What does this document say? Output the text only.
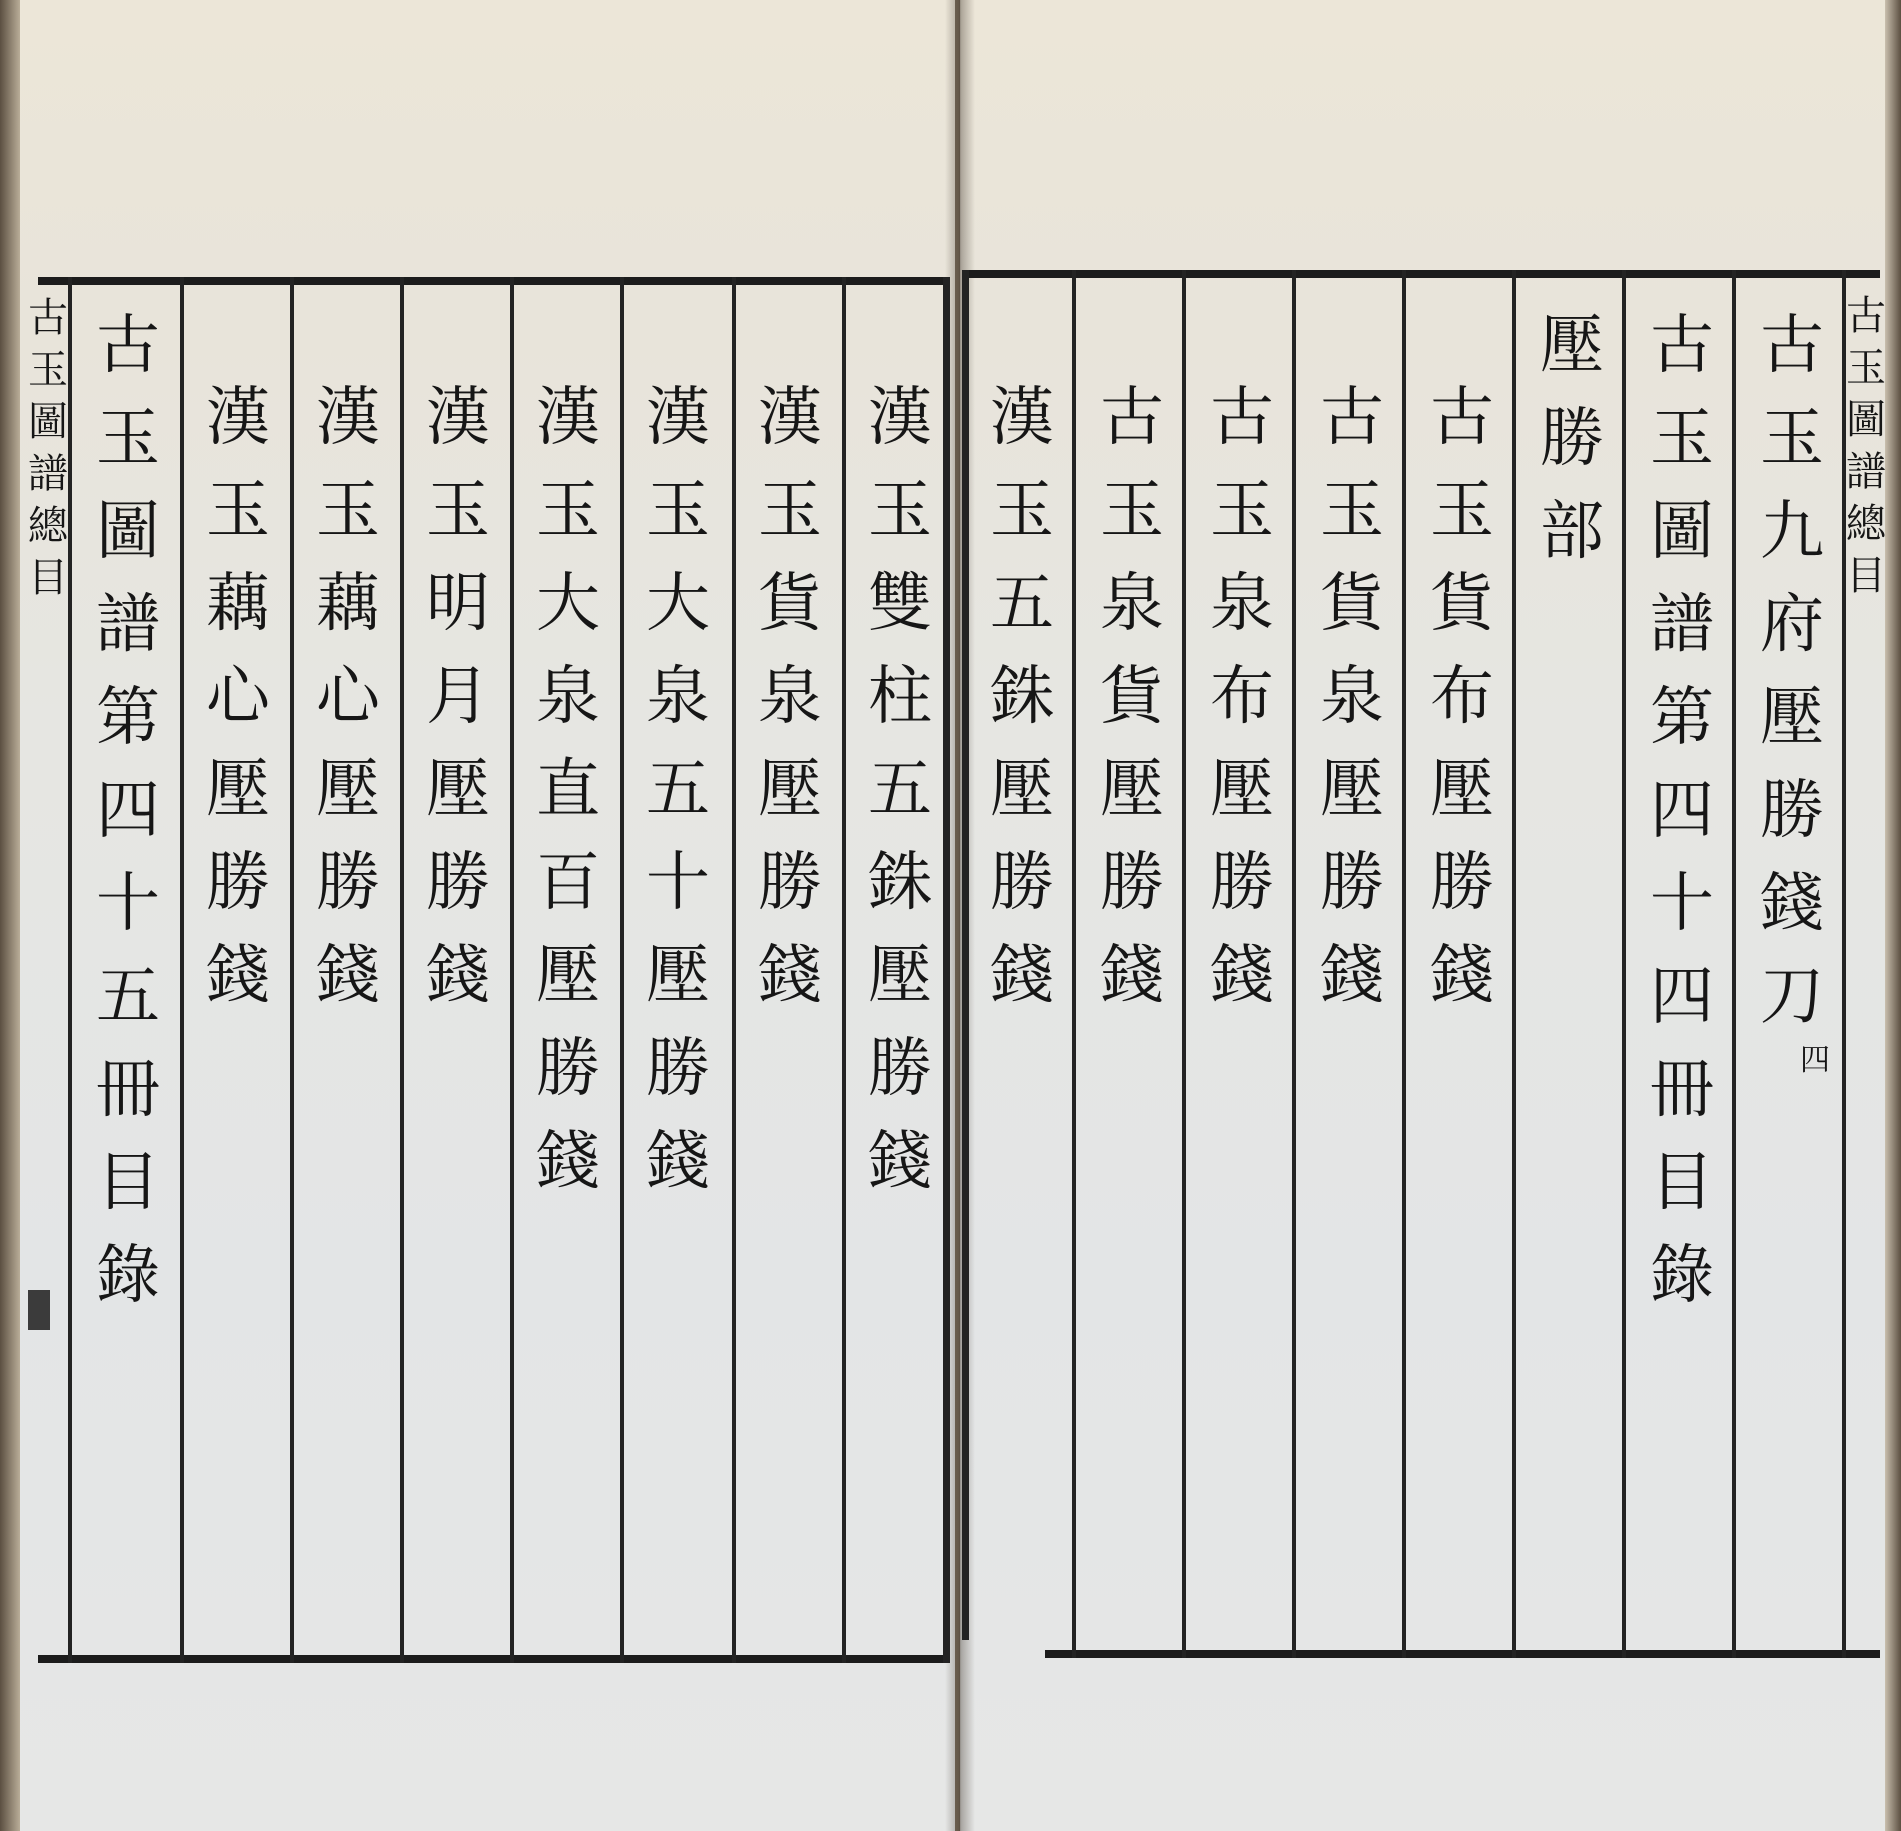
古
玉
圖
譜
總
目
古
玉
圖
譜
第
四
十
五
冊
目
錄
漢
玉
藕
心
壓
勝
錢
漢
玉
藕
心
壓
勝
錢
漢
玉
明
月
壓
勝
錢
漢
玉
大
泉
直
百
壓
勝
錢
漢
玉
大
泉
五
十
壓
勝
錢
漢
玉
貨
泉
壓
勝
錢
漢
玉
雙
柱
五
銖
壓
勝
錢
漢
玉
五
銖
壓
勝
錢
古
玉
泉
貨
壓
勝
錢
古
玉
泉
布
壓
勝
錢
古
玉
貨
泉
壓
勝
錢
古
玉
貨
布
壓
勝
錢
壓
勝
部
古
玉
圖
譜
第
四
十
四
冊
目
錄
古
玉
九
府
壓
勝
錢
刀
四
古
玉
圖
譜
總
目
